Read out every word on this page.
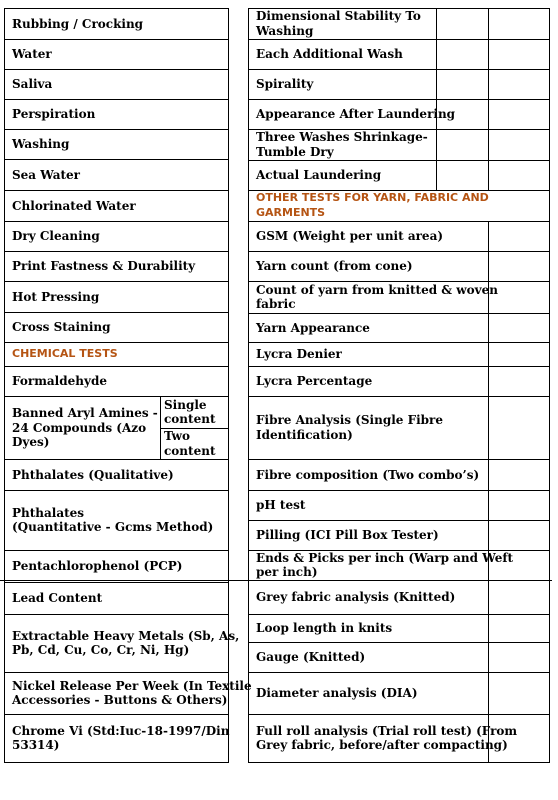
Rubbing / Crocking
Water
Saliva
Perspiration
Washing
Sea Water
Chlorinated Water
Dry Cleaning
Print Fastness & Durability
Hot Pressing
Cross Staining
CHEMICAL TESTS
Formaldehyde
Banned Aryl Amines -
24 Compounds (Azo
Dyes)
Single
content
Two
content
Phthalates (Qualitative)
Phthalates
(Quantitative - Gcms Method)
Pentachlorophenol (PCP)
Lead Content
Extractable Heavy Metals (Sb, As,
Pb, Cd, Cu, Co, Cr, Ni, Hg)
Nickel Release Per Week (In Textile
Accessories - Buttons & Others)
Chrome Vi (Std:Iuc-18-1997/Din
53314)
Dimensional Stability To
Washing
Each Additional Wash
Spirality
Appearance After Laundering
Three Washes Shrinkage-
Tumble Dry
Actual Laundering
OTHER TESTS FOR YARN, FABRIC AND
GARMENTS
GSM (Weight per unit area)
Yarn count (from cone)
Count of yarn from knitted & woven
fabric
Yarn Appearance
Lycra Denier
Lycra Percentage
Fibre Analysis (Single Fibre
Identification)
Fibre composition (Two combo’s)
pH test
Pilling (ICI Pill Box Tester)
Ends & Picks per inch (Warp and Weft
per inch)
Grey fabric analysis (Knitted)
Loop length in knits
Gauge (Knitted)
Diameter analysis (DIA)
Full roll analysis (Trial roll test) (From
Grey fabric, before/after compacting)
